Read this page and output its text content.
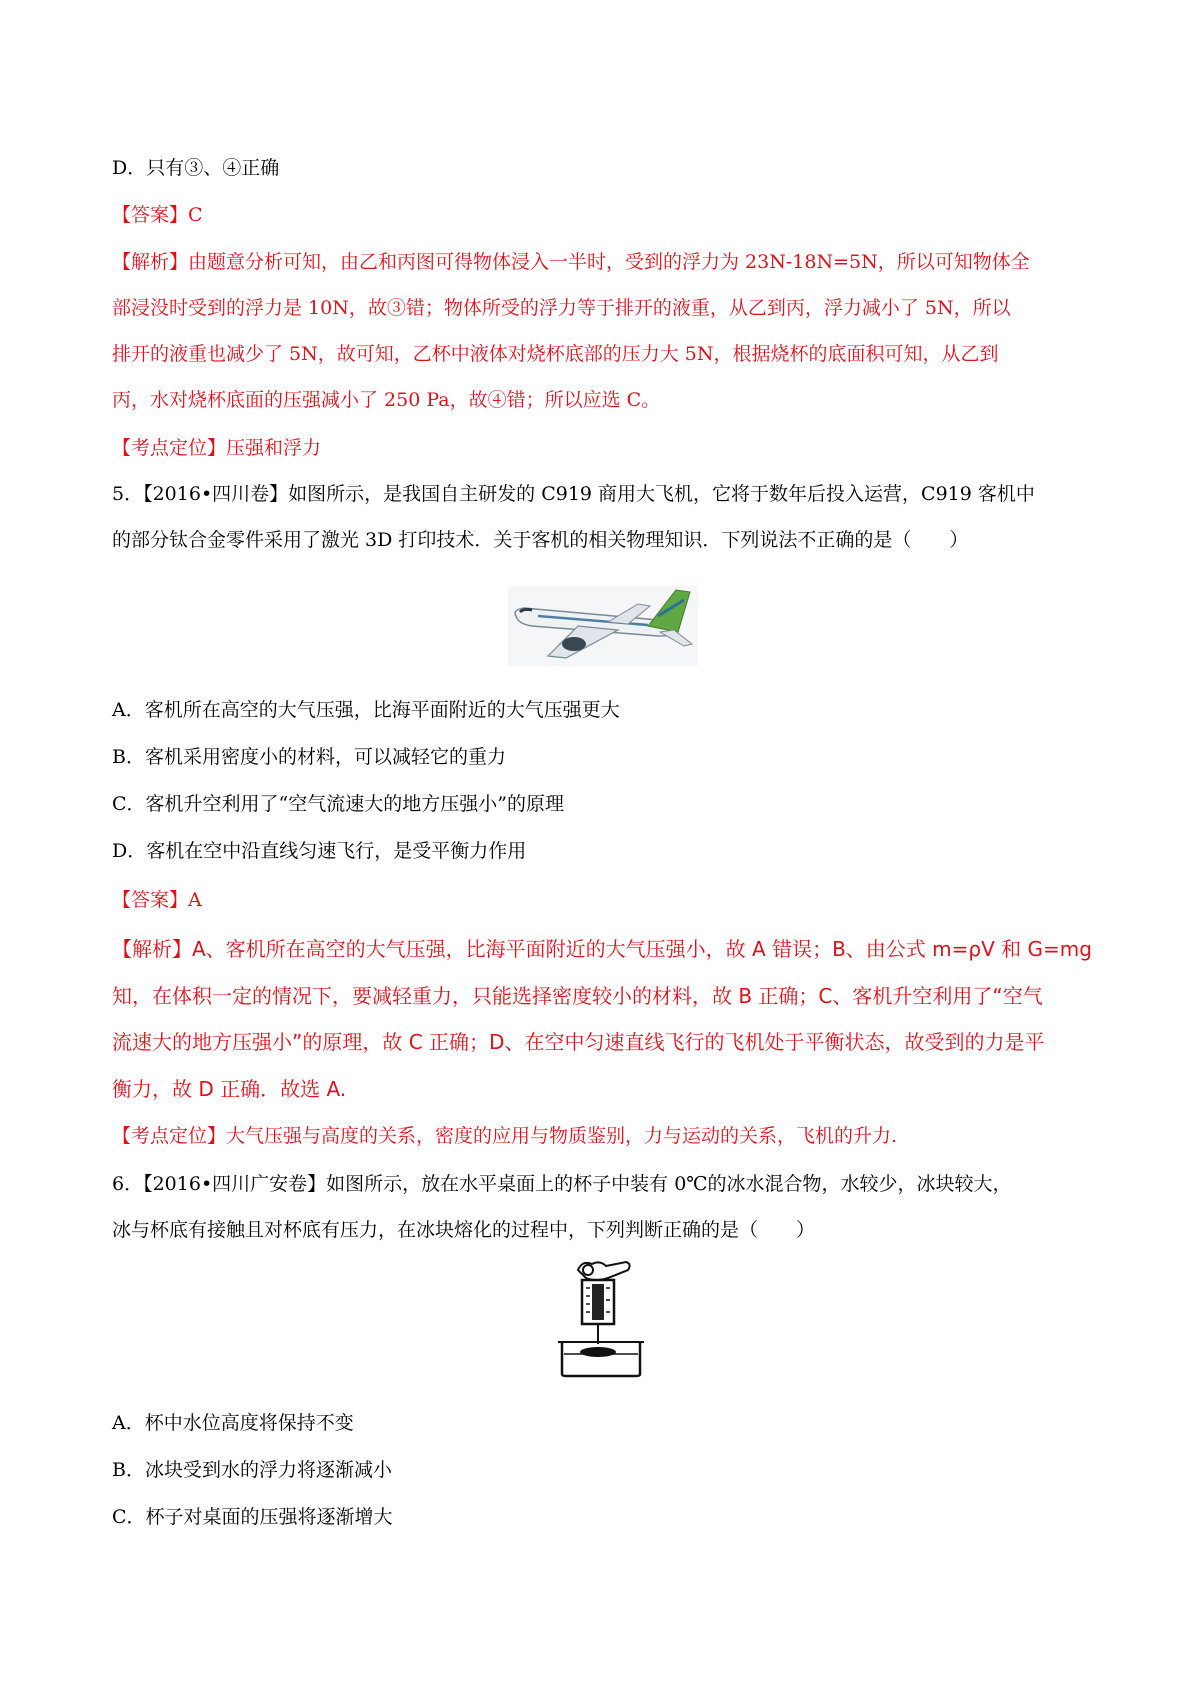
D．只有③、④正确
【答案】C
【解析】由题意分析可知，由乙和丙图可得物体浸入一半时，受到的浮力为 23N-18N=5N，所以可知物体全
部浸没时受到的浮力是 10N，故③错；物体所受的浮力等于排开的液重，从乙到丙，浮力减小了 5N，所以
排开的液重也减少了 5N，故可知，乙杯中液体对烧杯底部的压力大 5N，根据烧杯的底面积可知，从乙到
丙，水对烧杯底面的压强减小了 250 Pa，故④错；所以应选 C。
【考点定位】压强和浮力
5．【2016•四川卷】如图所示，是我国自主研发的 C919 商用大飞机，它将于数年后投入运营，C919 客机中
的部分钛合金零件采用了激光 3D 打印技术．关于客机的相关物理知识．下列说法不正确的是（　　）
A．客机所在高空的大气压强，比海平面附近的大气压强更大
B．客机采用密度小的材料，可以减轻它的重力
C．客机升空利用了“空气流速大的地方压强小”的原理
D．客机在空中沿直线匀速飞行，是受平衡力作用
【答案】A
【解析】A、客机所在高空的大气压强，比海平面附近的大气压强小，故 A 错误；B、由公式 m=ρV 和 G=mg
知，在体积一定的情况下，要减轻重力，只能选择密度较小的材料，故 B 正确；C、客机升空利用了“空气
流速大的地方压强小”的原理，故 C 正确；D、在空中匀速直线飞行的飞机处于平衡状态，故受到的力是平
衡力，故 D 正确．故选 A.
【考点定位】大气压强与高度的关系，密度的应用与物质鉴别，力与运动的关系，飞机的升力.
6．【2016•四川广安卷】如图所示，放在水平桌面上的杯子中装有 0℃的冰水混合物，水较少，冰块较大，
冰与杯底有接触且对杯底有压力，在冰块熔化的过程中，下列判断正确的是（　　）
A．杯中水位高度将保持不变
B．冰块受到水的浮力将逐渐减小
C．杯子对桌面的压强将逐渐增大
